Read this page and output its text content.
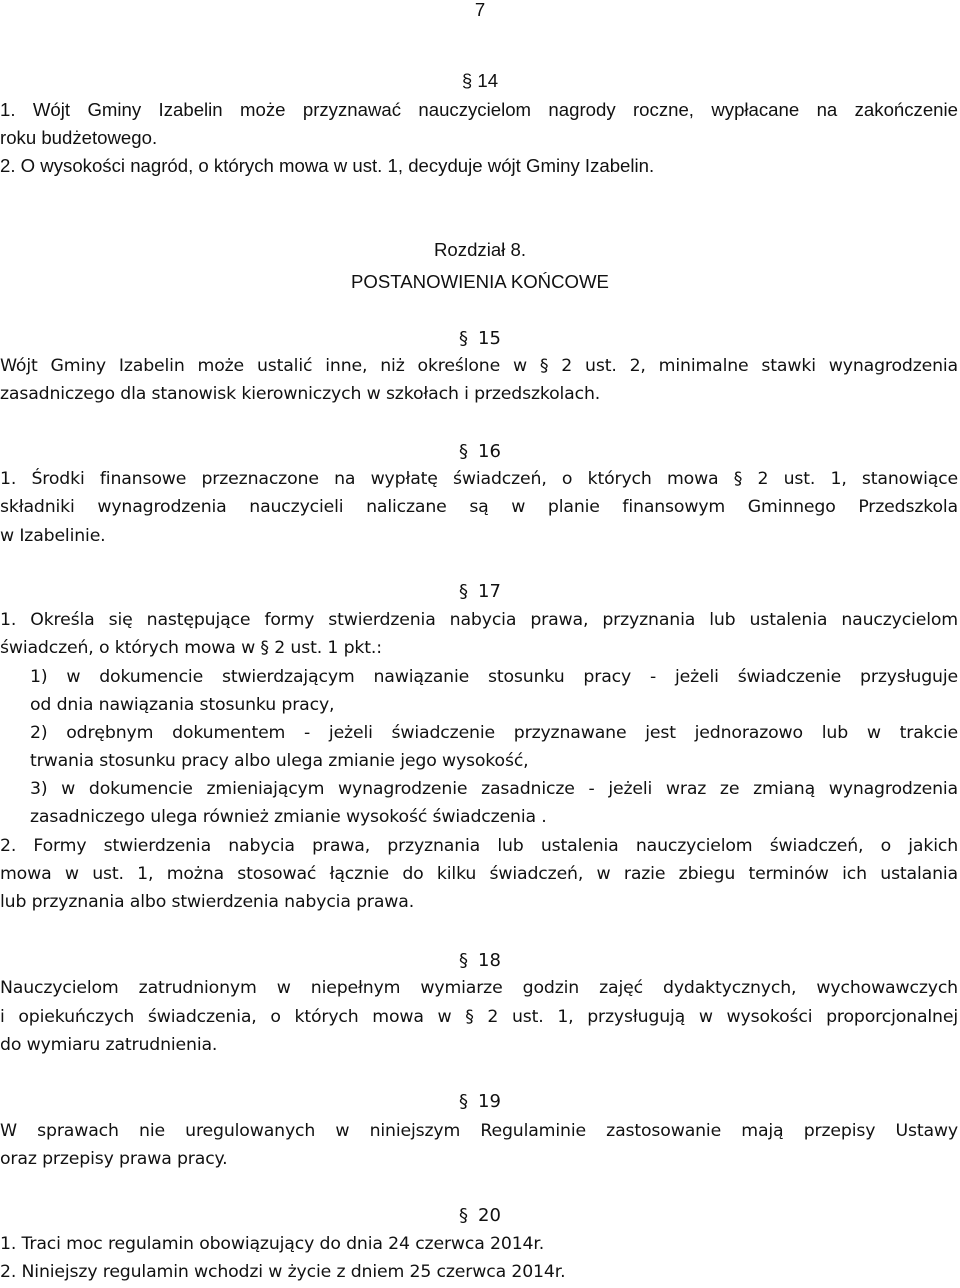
7
§ 14
1. Wójt Gminy Izabelin może przyznawać nauczycielom nagrody roczne, wypłacane na zakończenie
roku budżetowego.
2. O wysokości nagród, o których mowa w ust. 1, decyduje wójt Gminy Izabelin.
Rozdział 8.
POSTANOWIENIA KOŃCOWE
§ 15
Wójt Gminy Izabelin może ustalić inne, niż określone w § 2 ust. 2, minimalne stawki wynagrodzenia
zasadniczego dla stanowisk kierowniczych w szkołach i przedszkolach.
§ 16
1. Środki finansowe przeznaczone na wypłatę świadczeń, o których mowa § 2 ust. 1, stanowiące
składniki wynagrodzenia nauczycieli naliczane są w planie finansowym Gminnego Przedszkola
w Izabelinie.
§ 17
1. Określa się następujące formy stwierdzenia nabycia prawa, przyznania lub ustalenia nauczycielom
świadczeń, o których mowa w § 2 ust. 1 pkt.:
1) w dokumencie stwierdzającym nawiązanie stosunku pracy - jeżeli świadczenie przysługuje
od dnia nawiązania stosunku pracy,
2) odrębnym dokumentem - jeżeli świadczenie przyznawane jest jednorazowo lub w trakcie
trwania stosunku pracy albo ulega zmianie jego wysokość,
3) w dokumencie zmieniającym wynagrodzenie zasadnicze - jeżeli wraz ze zmianą wynagrodzenia
zasadniczego ulega również zmianie wysokość świadczenia .
2. Formy stwierdzenia nabycia prawa, przyznania lub ustalenia nauczycielom świadczeń, o jakich
mowa w ust. 1, można stosować łącznie do kilku świadczeń, w razie zbiegu terminów ich ustalania
lub przyznania albo stwierdzenia nabycia prawa.
§ 18
Nauczycielom zatrudnionym w niepełnym wymiarze godzin zajęć dydaktycznych, wychowawczych
i opiekuńczych świadczenia, o których mowa w § 2 ust. 1, przysługują w wysokości proporcjonalnej
do wymiaru zatrudnienia.
§ 19
W sprawach nie uregulowanych w niniejszym Regulaminie zastosowanie mają przepisy Ustawy
oraz przepisy prawa pracy.
§ 20
1. Traci moc regulamin obowiązujący do dnia 24 czerwca 2014r.
2. Niniejszy regulamin wchodzi w życie z dniem 25 czerwca 2014r.
